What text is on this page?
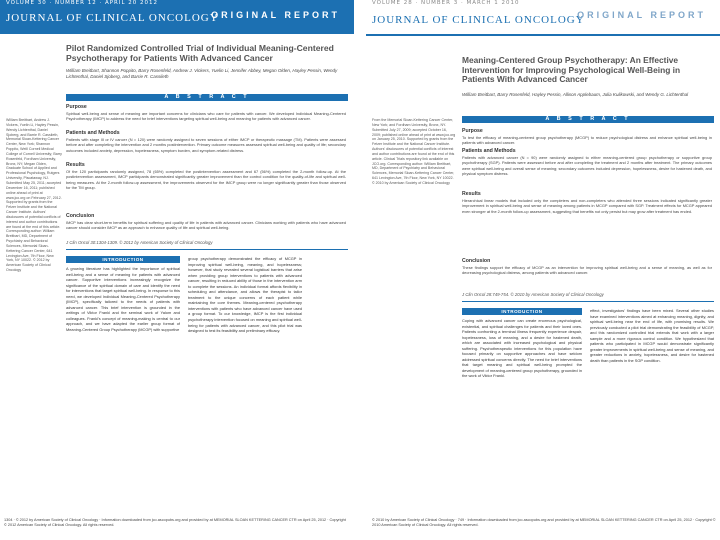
VOLUME 30 · NUMBER 12 · APRIL 20 2012
JOURNAL OF CLINICAL ONCOLOGY
ORIGINAL REPORT
Pilot Randomized Controlled Trial of Individual Meaning-Centered Psychotherapy for Patients With Advanced Cancer
William Breitbart, Shannon Poppito, Barry Rosenfeld, Andrew J. Vickers, Yuelin Li, Jennifer Abbey, Megan Olden, Hayley Pessin, Wendy Lichtenthal, Daniel Sjoberg, and Barrie R. Cassileth
William Breitbart, Andrew J. Vickers, Yuelin Li, Hayley Pessin, Wendy Lichtenthal, Daniel Sjoberg, and Barrie R. Cassileth, Memorial Sloan-Kettering Cancer Center, New York; Shannon Poppito, Weill Cornell Medical College of Cornell University; Barry Rosenfeld, Fordham University, Bronx, NY; Megan Olden, Graduate School of Applied and Professional Psychology, Rutgers University, Piscataway, NJ. Submitted May 25, 2011; accepted December 16, 2011; published online ahead of print at www.jco.org on February 27, 2012. Supported by grants from the Fetzer Institute and the National Cancer Institute. Authors' disclosures of potential conflicts of interest and author contributions are found at the end of this article. Corresponding author: William Breitbart, MD, Department of Psychiatry and Behavioral Sciences, Memorial Sloan-Kettering Cancer Center, 641 Lexington Ave, 7th Floor, New York, NY 10022. © 2012 by American Society of Clinical Oncology
A B S T R A C T
Purpose
Spiritual well-being and sense of meaning are important concerns for clinicians who care for patients with cancer. We developed Individual Meaning-Centered Psychotherapy (IMCP) to address the need for brief interventions targeting spiritual well-being and meaning for patients with advanced cancer.
Patients and Methods
Patients with stage III or IV cancer (N = 120) were randomly assigned to seven sessions of either IMCP or therapeutic massage (TM). Patients were assessed before and after completing the intervention and 2 months postintervention. Primary outcome measures assessed spiritual well-being and quality of life; secondary outcomes included anxiety, depression, hopelessness, symptom burden, and symptom-related distress.
Results
Of the 120 participants randomly assigned, 78 (65%) completed the postintervention assessment and 67 (56%) completed the 2-month follow-up. At the postintervention assessment, IMCP participants demonstrated significantly greater improvement than the control condition for the quality-of-life and spiritual well-being measures. At the 2-month follow-up assessment, the improvements observed for the IMCP group were no longer significantly greater than those observed for the TM group.
Conclusion
IMCP has clear short-term benefits for spiritual suffering and quality of life in patients with advanced cancer. Clinicians working with patients who have advanced cancer should consider IMCP as an approach to enhance quality of life and spiritual well-being.
J Clin Oncol 30:1304-1309. © 2012 by American Society of Clinical Oncology
INTRODUCTION
A growing literature has highlighted the importance of spiritual well-being and a sense of meaning for patients with advanced cancer. Supportive interventions increasingly recognize the significance of the spiritual domain of care and identify the need for interventions that target spiritual well-being. In response to this need, we developed Individual Meaning-Centered Psychotherapy (IMCP), specifically tailored to the needs of patients with advanced cancer. This brief intervention is grounded in the writings of Viktor Frankl and the seminal work of Yalom and colleagues. Frankl's concept of meaning-making is central to our approach, and we have adapted the earlier group format of Meaning-Centered Group Psychotherapy (MCGP) with supportive
group psychotherapy demonstrated the efficacy of MCGP in improving spiritual well-being, meaning, and hopelessness; however, that study revealed several logistical barriers that arise when providing group interventions to patients with advanced cancer, resulting in reduced ability of those in the intervention arm to complete the sessions. An individual format affords flexibility in scheduling and attendance, and allows the therapist to tailor treatment to the unique concerns of each patient while maintaining the core themes. Meaning-centered psychotherapy interventions with patients who have advanced cancer have used a group format. To our knowledge, IMCP is the first individual psychotherapy intervention focused on meaning and spiritual well-being for patients with advanced cancer, and this pilot trial was designed to test its feasibility and preliminary efficacy.
1304 · © 2012 by American Society of Clinical Oncology · Information downloaded from jco.ascopubs.org and provided by at MEMORIAL SLOAN KETTERING CANCER CTR on April 25, 2012 · Copyright © 2012 American Society of Clinical Oncology. All rights reserved.
VOLUME 28 · NUMBER 3 · MARCH 1 2010
JOURNAL OF CLINICAL ONCOLOGY
ORIGINAL REPORT
Meaning-Centered Group Psychotherapy: An Effective Intervention for Improving Psychological Well-Being in Patients With Advanced Cancer
William Breitbart, Barry Rosenfeld, Hayley Pessin, Allison Applebaum, Julia Kulikowski, and Wendy G. Lichtenthal
From the Memorial Sloan-Kettering Cancer Center, New York; and Fordham University, Bronx, NY. Submitted July 27, 2009; accepted October 16, 2009; published online ahead of print at www.jco.org on January 25, 2010. Supported by grants from the Fetzer Institute and the National Cancer Institute. Authors' disclosures of potential conflicts of interest and author contributions are found at the end of this article. Clinical Trials repository link available on JCO.org. Corresponding author: William Breitbart, MD, Department of Psychiatry and Behavioral Sciences, Memorial Sloan-Kettering Cancer Center, 641 Lexington Ave, 7th Floor, New York, NY 10022. © 2010 by American Society of Clinical Oncology
A B S T R A C T
Purpose
To test the efficacy of meaning-centered group psychotherapy (MCGP) to reduce psychological distress and enhance spiritual well-being in patients with advanced cancer.
Patients and Methods
Patients with advanced cancer (N = 90) were randomly assigned to either meaning-centered group psychotherapy or supportive group psychotherapy (SGP). Patients were assessed before and after completing the treatment and 2 months after treatment. The primary outcomes were spiritual well-being and overall sense of meaning; secondary outcomes included depression, hopelessness, desire for hastened death, and physical symptom distress.
Results
Hierarchical linear models that included only the completers and non-completers who attended three sessions indicated significantly greater improvement in spiritual well-being and sense of meaning among patients in MCGP compared with SGP. Treatment effects for MCGP appeared even stronger at the 2-month follow-up assessment, suggesting that benefits not only persist but may grow after treatment has ended.
Conclusion
These findings support the efficacy of MCGP as an intervention for improving spiritual well-being and a sense of meaning, as well as for decreasing psychological distress, among patients with advanced cancer.
J Clin Oncol 28:749-754. © 2010 by American Society of Clinical Oncology
INTRODUCTION
Coping with advanced cancer can create enormous psychological, existential, and spiritual challenges for patients and their loved ones. Patients confronting a terminal illness frequently experience despair, hopelessness, loss of meaning, and a desire for hastened death, which are associated with increased psychological and physical suffering. Psychotherapeutic interventions for this population have focused primarily on supportive approaches and have seldom addressed spiritual concerns directly. The need for brief interventions that target meaning and spiritual well-being prompted the development of meaning-centered group psychotherapy, grounded in the work of Viktor Frankl.
effect, investigators' findings have been mixed. Several other studies have examined interventions aimed at enhancing meaning, dignity, and spiritual well-being near the end of life, with promising results. We previously conducted a pilot trial demonstrating the feasibility of MCGP, and this randomized controlled trial extends that work with a larger sample and a more rigorous control condition. We hypothesized that patients who participated in MCGP would demonstrate significantly greater improvements in spiritual well-being and sense of meaning, and greater reductions in anxiety, hopelessness, and desire for hastened death than patients in the SGP condition.
© 2010 by American Society of Clinical Oncology · 749 · Information downloaded from jco.ascopubs.org and provided by at MEMORIAL SLOAN KETTERING CANCER CTR on April 25, 2012 · Copyright © 2010 American Society of Clinical Oncology. All rights reserved.
